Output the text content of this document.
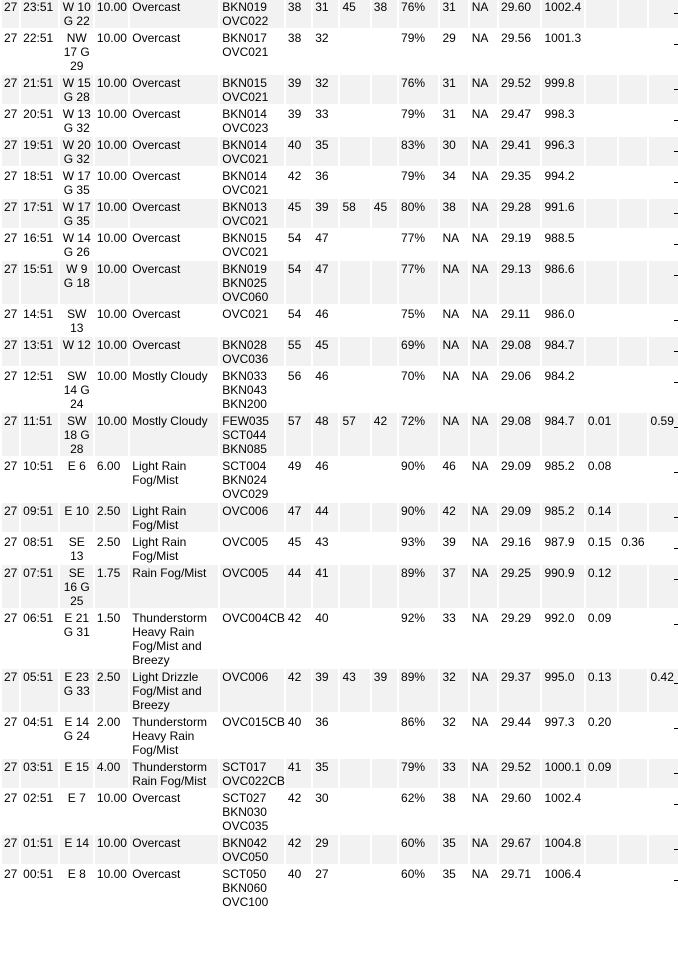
27	23:51	W 10 G 22	10.00	Overcast	BKN019 OVC022	38	31	45	38	76%	31	NA	29.60	1002.4			

27	22:51	NW 17 G 29	10.00	Overcast	BKN017 OVC021	38	32			79%	29	NA	29.56	1001.3			

27	21:51	W 15 G 28	10.00	Overcast	BKN015 OVC021	39	32			76%	31	NA	29.52	999.8			

27	20:51	W 13 G 32	10.00	Overcast	BKN014 OVC023	39	33			79%	31	NA	29.47	998.3			

27	19:51	W 20 G 32	10.00	Overcast	BKN014 OVC021	40	35			83%	30	NA	29.41	996.3			

27	18:51	W 17 G 35	10.00	Overcast	BKN014 OVC021	42	36			79%	34	NA	29.35	994.2			

27	17:51	W 17 G 35	10.00	Overcast	BKN013 OVC021	45	39	58	45	80%	38	NA	29.28	991.6			

27	16:51	W 14 G 26	10.00	Overcast	BKN015 OVC021	54	47			77%	NA	NA	29.19	988.5			

27	15:51	W 9 G 18	10.00	Overcast	BKN019 BKN025 OVC060	54	47			77%	NA	NA	29.13	986.6			

27	14:51	SW 13	10.00	Overcast	OVC021	54	46			75%	NA	NA	29.11	986.0			

27	13:51	W 12	10.00	Overcast	BKN028 OVC036	55	45			69%	NA	NA	29.08	984.7			

27	12:51	SW 14 G 24	10.00	Mostly Cloudy	BKN033 BKN043 BKN200	56	46			70%	NA	NA	29.06	984.2			

27	11:51	SW 18 G 28	10.00	Mostly Cloudy	FEW035 SCT044 BKN085	57	48	57	42	72%	NA	NA	29.08	984.7	0.01		0.59

27	10:51	E 6	6.00	Light Rain Fog/Mist	SCT004 BKN024 OVC029	49	46			90%	46	NA	29.09	985.2	0.08		

27	09:51	E 10	2.50	Light Rain Fog/Mist	OVC006	47	44			90%	42	NA	29.09	985.2	0.14		

27	08:51	SE 13	2.50	Light Rain Fog/Mist	OVC005	45	43			93%	39	NA	29.16	987.9	0.15	0.36	

27	07:51	SE 16 G 25	1.75	Rain Fog/Mist	OVC005	44	41			89%	37	NA	29.25	990.9	0.12		

27	06:51	E 21 G 31	1.50	Thunderstorm Heavy Rain Fog/Mist and Breezy	OVC004CB	42	40			92%	33	NA	29.29	992.0	0.09		

27	05:51	E 23 G 33	2.50	Light Drizzle Fog/Mist and Breezy	OVC006	42	39	43	39	89%	32	NA	29.37	995.0	0.13		0.42

27	04:51	E 14 G 24	2.00	Thunderstorm Heavy Rain Fog/Mist	OVC015CB	40	36			86%	32	NA	29.44	997.3	0.20		

27	03:51	E 15	4.00	Thunderstorm Rain Fog/Mist	SCT017 OVC022CB	41	35			79%	33	NA	29.52	1000.1	0.09		

27	02:51	E 7	10.00	Overcast	SCT027 BKN030 OVC035	42	30			62%	38	NA	29.60	1002.4			

27	01:51	E 14	10.00	Overcast	BKN042 OVC050	42	29			60%	35	NA	29.67	1004.8			

27	00:51	E 8	10.00	Overcast	SCT050 BKN060 OVC100	40	27			60%	35	NA	29.71	1006.4			
